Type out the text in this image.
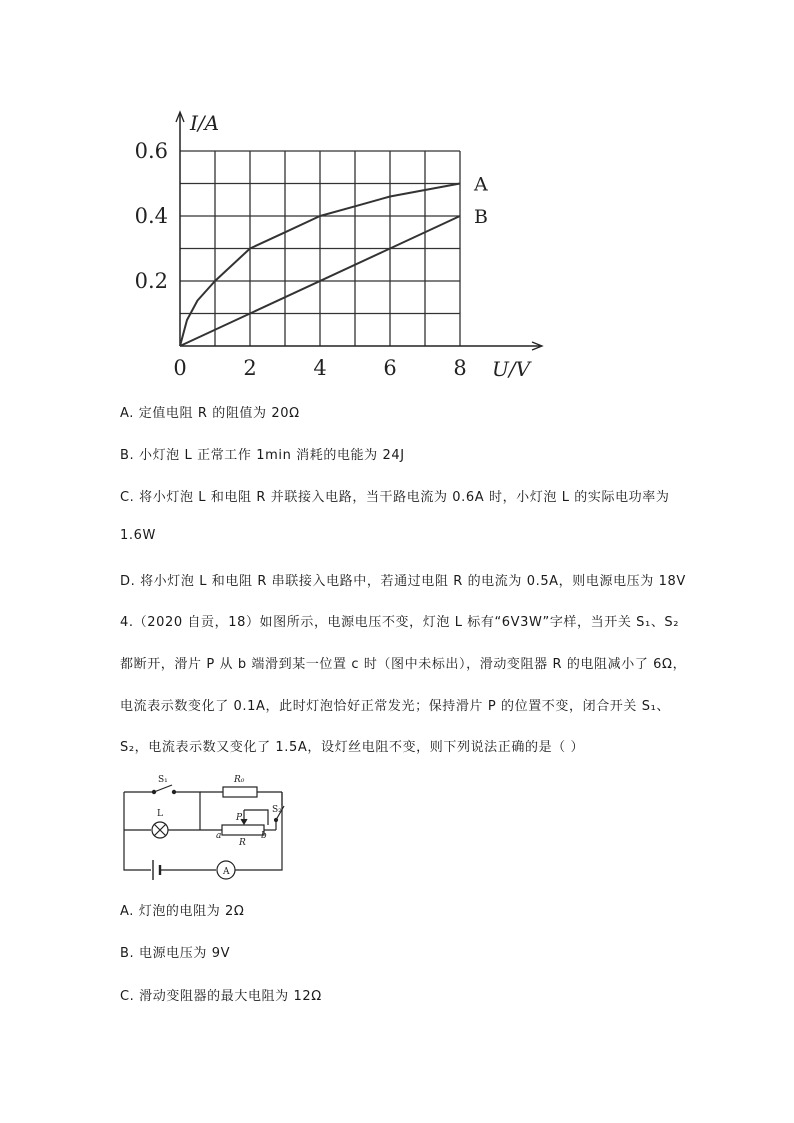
0	2	4	6	8
0.2
0.4
0.6
A
B
I/A
U/V
A. 定值电阻 R 的阻值为 20Ω
B. 小灯泡 L 正常工作 1min 消耗的电能为 24J
C. 将小灯泡 L 和电阻 R 并联接入电路，当干路电流为 0.6A 时，小灯泡 L 的实际电功率为
1.6W
D. 将小灯泡 L 和电阻 R 串联接入电路中，若通过电阻 R 的电流为 0.5A，则电源电压为 18V
4.（2020 自贡，18）如图所示，电源电压不变，灯泡 L 标有“6V3W”字样，当开关 S₁、S₂
都断开，滑片 P 从 b 端滑到某一位置 c 时（图中未标出），滑动变阻器 R 的电阻减小了 6Ω，
电流表示数变化了 0.1A，此时灯泡恰好正常发光；保持滑片 P 的位置不变，闭合开关 S₁、
S₂，电流表示数又变化了 1.5A，设灯丝电阻不变，则下列说法正确的是（ ）
S₁	R₀
L	P
S₂
a
R
b
A
A. 灯泡的电阻为 2Ω
B. 电源电压为 9V
C. 滑动变阻器的最大电阻为 12Ω
